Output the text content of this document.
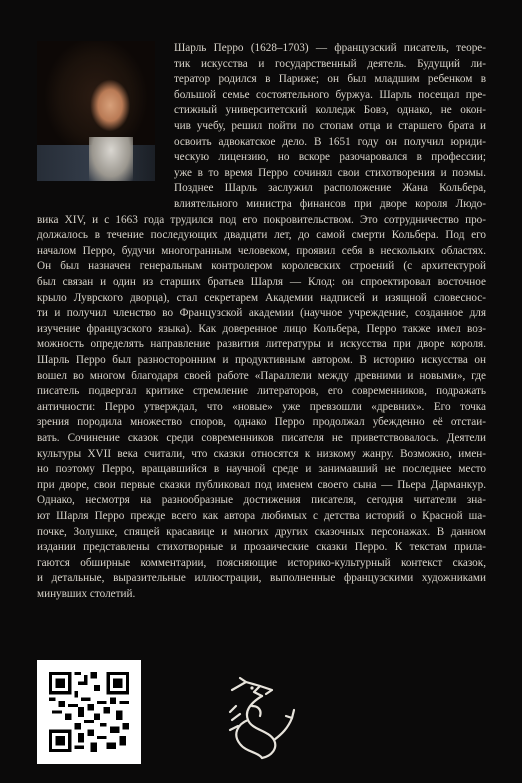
Шарль Перро (1628–1703) — французский писатель, теоре-
тик искусства и государственный деятель. Будущий ли-
тератор родился в Париже; он был младшим ребенком в
большой семье состоятельного буржуа. Шарль посещал пре-
стижный университетский колледж Бовэ, однако, не окон-
чив учебу, решил пойти по стопам отца и старшего брата и
освоить адвокатское дело. В 1651 году он получил юриди-
ческую лицензию, но вскоре разочаровался в профессии;
уже в то время Перро сочинял свои стихотворения и поэмы.
Позднее Шарль заслужил расположение Жана Кольбера,
влиятельного министра финансов при дворе короля Людо-
вика XIV, и с 1663 года трудился под его покровительством. Это сотрудничество про-
должалось в течение последующих двадцати лет, до самой смерти Кольбера. Под его
началом Перро, будучи многогранным человеком, проявил себя в нескольких областях.
Он был назначен генеральным контролером королевских строений (с архитектурой
был связан и один из старших братьев Шарля — Клод: он спроектировал восточное
крыло Луврского дворца), стал секретарем Академии надписей и изящной словеснос-
ти и получил членство во Французской академии (научное учреждение, созданное для
изучение французского языка). Как доверенное лицо Кольбера, Перро также имел воз-
можность определять направление развития литературы и искусства при дворе короля.
Шарль Перро был разносторонним и продуктивным автором. В историю искусства он
вошел во многом благодаря своей работе «Параллели между древними и новыми», где
писатель подвергал критике стремление литераторов, его современников, подражать
античности: Перро утверждал, что «новые» уже превзошли «древних». Его точка
зрения породила множество споров, однако Перро продолжал убежденно её отстаи-
вать. Сочинение сказок среди современников писателя не приветствовалось. Деятели
культуры XVII века считали, что сказки относятся к низкому жанру. Возможно, имен-
но поэтому Перро, вращавшийся в научной среде и занимавший не последнее место
при дворе, свои первые сказки публиковал под именем своего сына — Пьера Дарманкур.
Однако, несмотря на разнообразные достижения писателя, сегодня читатели зна-
ют Шарля Перро прежде всего как автора любимых с детства историй о Красной ша-
почке, Золушке, спящей красавице и многих других сказочных персонажах. В данном
издании представлены стихотворные и прозаические сказки Перро. К текстам прила-
гаются обширные комментарии, поясняющие историко-культурный контекст сказок,
и детальные, выразительные иллюстрации, выполненные французскими художниками
минувших столетий.
